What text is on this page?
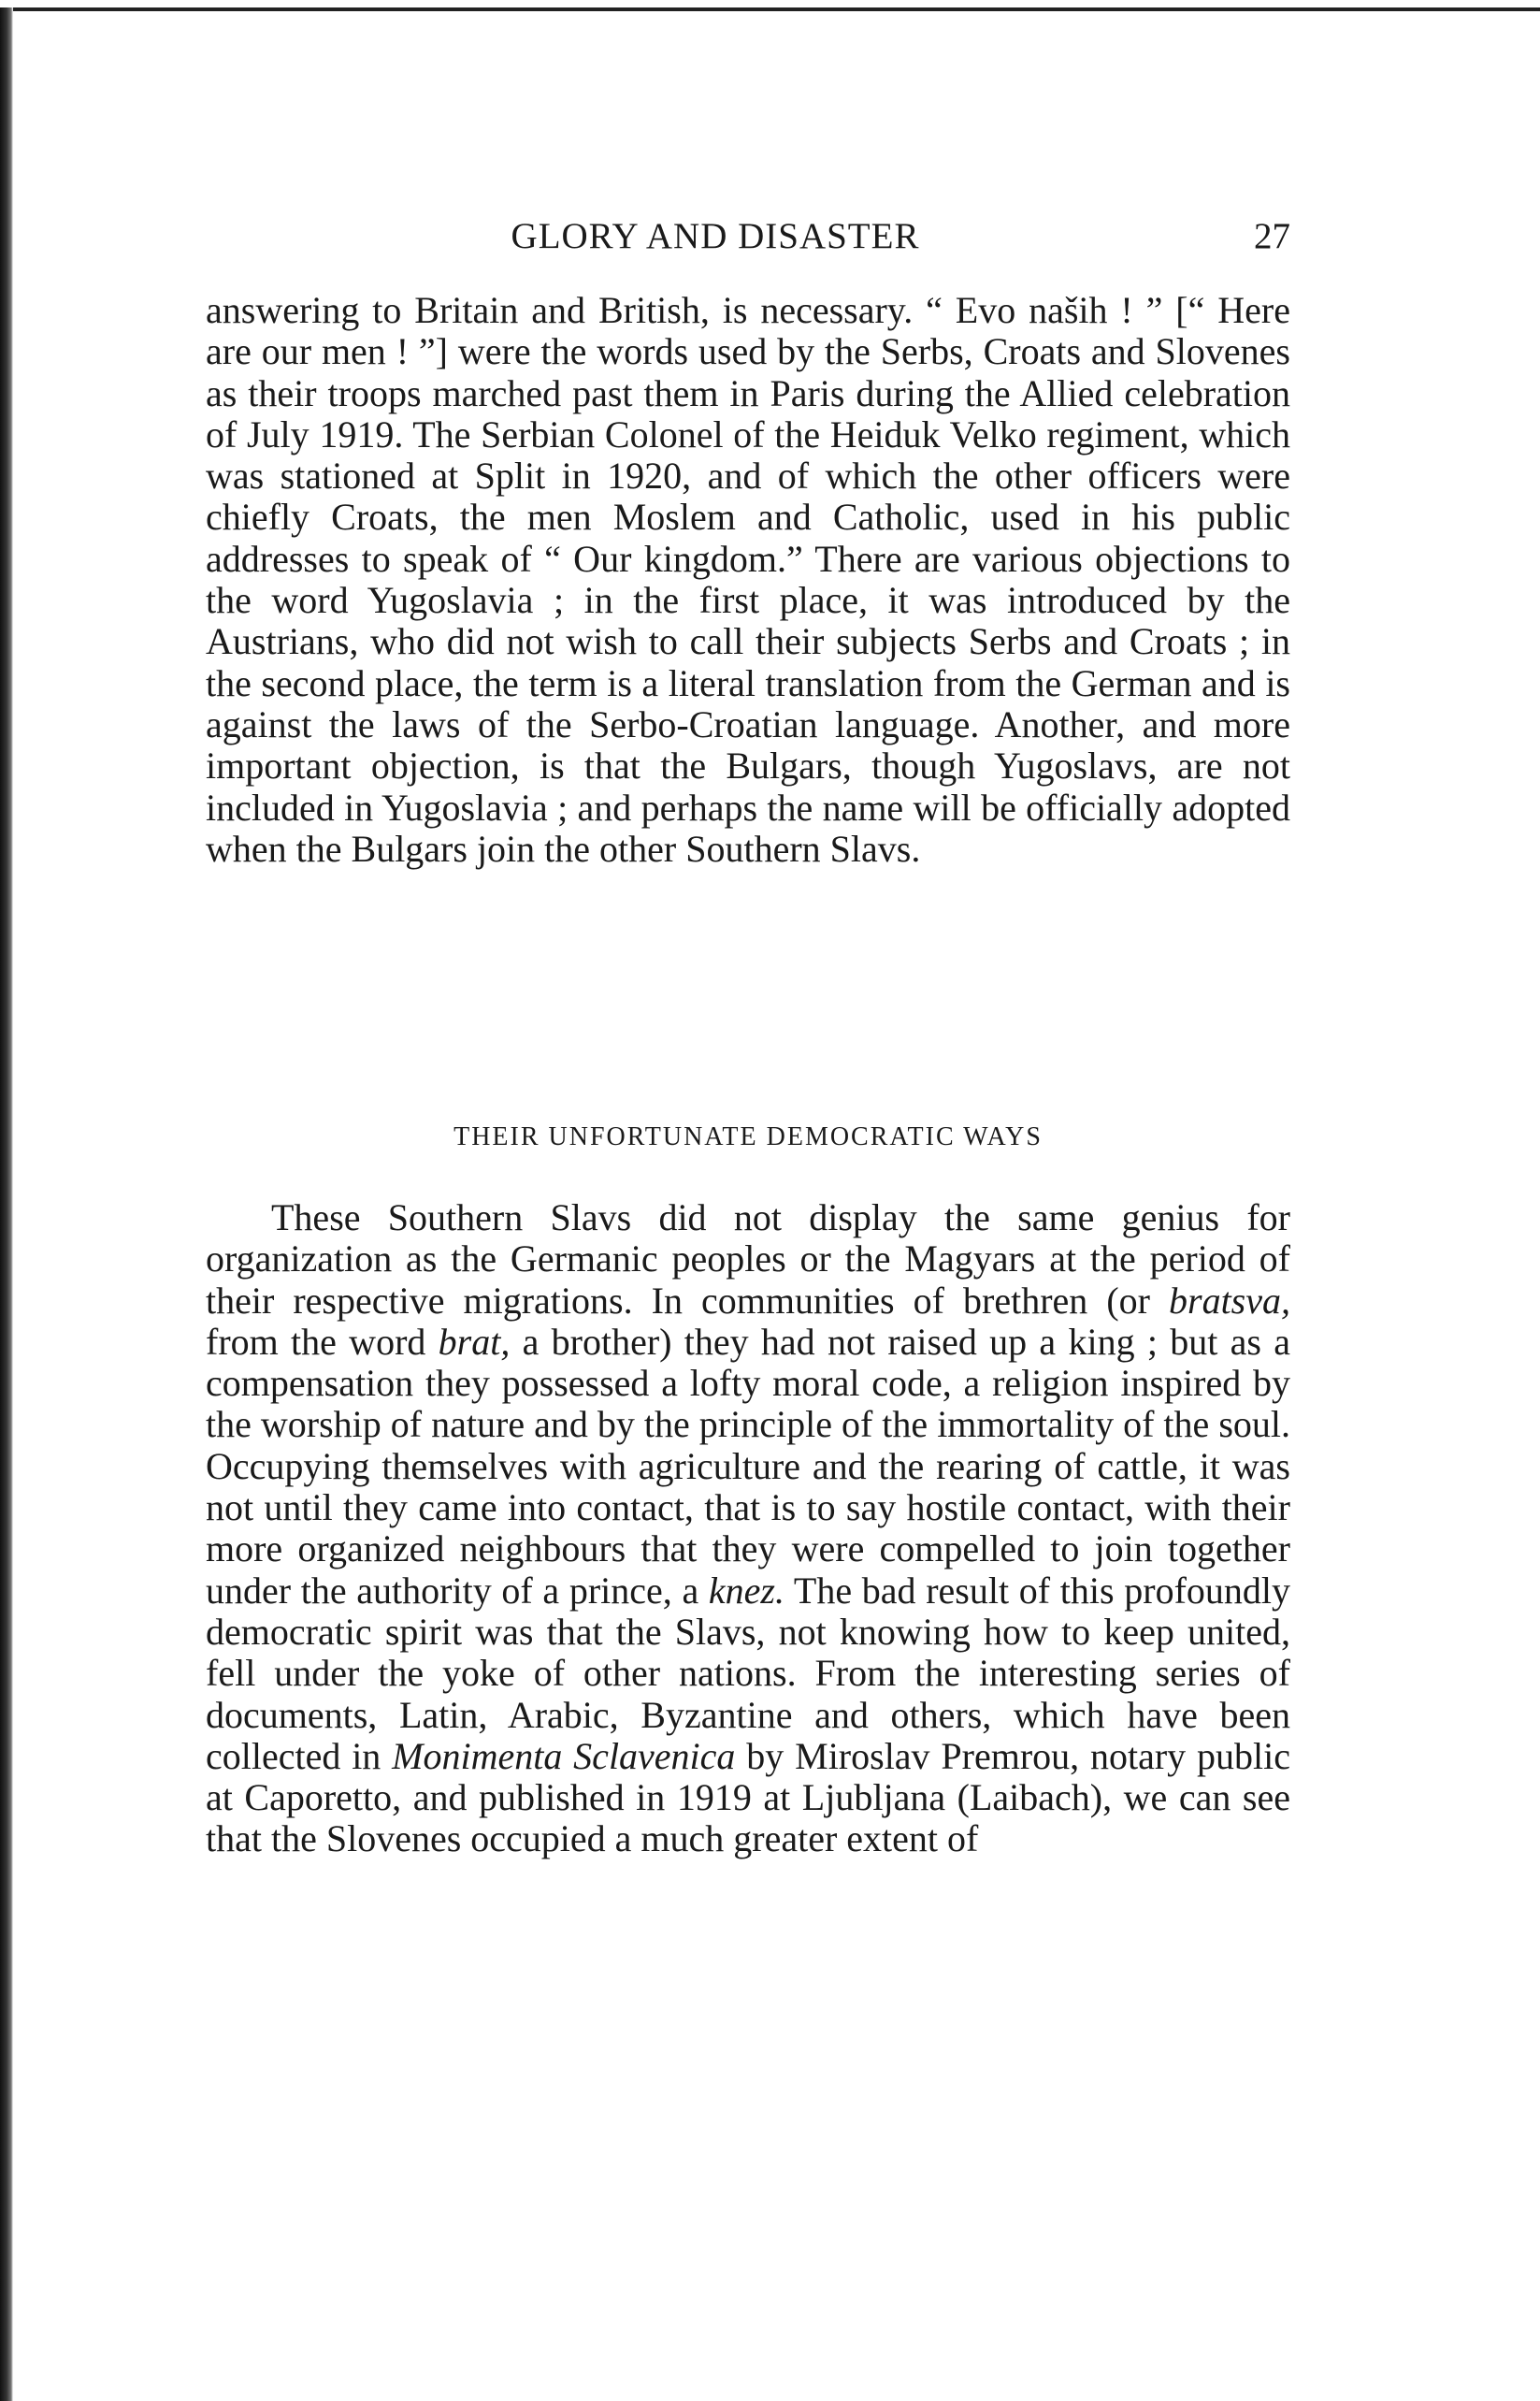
GLORY AND DISASTER	27
answering to Britain and British, is necessary. “ Evo naših ! ” [“ Here are our men ! ”] were the words used by the Serbs, Croats and Slovenes as their troops marched past them in Paris during the Allied celebration of July 1919. The Serbian Colonel of the Heiduk Velko regiment, which was stationed at Split in 1920, and of which the other officers were chiefly Croats, the men Moslem and Catholic, used in his public addresses to speak of “ Our kingdom.” There are various objections to the word Yugoslavia ; in the first place, it was introduced by the Austrians, who did not wish to call their subjects Serbs and Croats ; in the second place, the term is a literal translation from the German and is against the laws of the Serbo-Croatian language. Another, and more important objection, is that the Bulgars, though Yugoslavs, are not included in Yugoslavia ; and perhaps the name will be officially adopted when the Bulgars join the other Southern Slavs.
THEIR UNFORTUNATE DEMOCRATIC WAYS
These Southern Slavs did not display the same genius for organization as the Germanic peoples or the Magyars at the period of their respective migrations. In communities of brethren (or bratsva, from the word brat, a brother) they had not raised up a king ; but as a compensation they possessed a lofty moral code, a religion inspired by the worship of nature and by the principle of the immortality of the soul. Occupying themselves with agriculture and the rearing of cattle, it was not until they came into contact, that is to say hostile contact, with their more organized neighbours that they were compelled to join together under the authority of a prince, a knez. The bad result of this profoundly democratic spirit was that the Slavs, not knowing how to keep united, fell under the yoke of other nations. From the interesting series of documents, Latin, Arabic, Byzantine and others, which have been collected in Monimenta Sclavenica by Miroslav Premrou, notary public at Caporetto, and published in 1919 at Ljubljana (Laibach), we can see that the Slovenes occupied a much greater extent of
